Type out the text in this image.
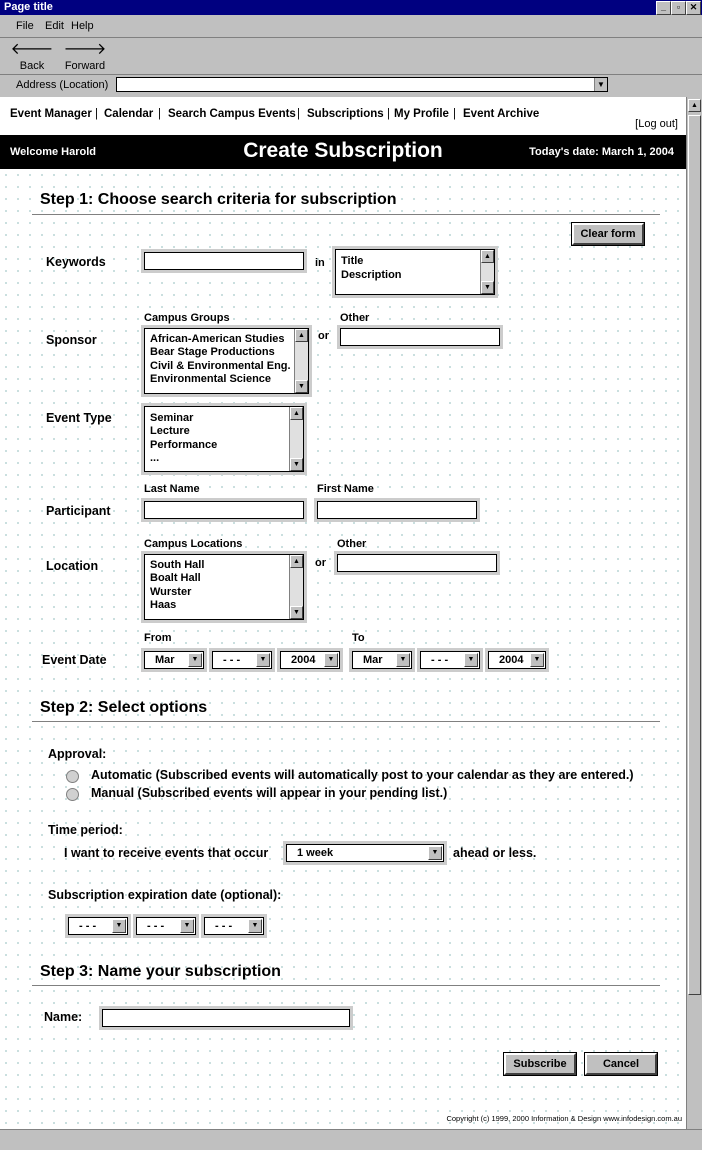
Page title	_	▫	✕
File Edit Help
🡐
Back
🡒
Forward
Address (Location)	▼
Event Manager | Calendar | Search Campus Events | Subscriptions | My Profile | Event Archive
[Log out]
Welcome Harold	Create Subscription	Today's date: March 1, 2004
Step 1: Choose search criteria for subscription
Clear form
Keywords	in Title
Description
▲
▼
Campus Groups	Other
Sponsor	African-American Studies
Bear Stage Productions
Civil & Environmental Eng.
Environmental Science
▲
▼
or
Event Type	Seminar
Lecture
Performance
...
▲
▼
Last Name	First Name
Participant
Campus Locations	Other
Location	South Hall
Boalt Hall
Wurster
Haas
▲
▼
or
From	To
Event Date	Mar	▼	- - -	▼	2004	▼	Mar	▼	- - -	▼	2004	▼
Step 2: Select options
Approval:
Automatic (Subscribed events will automatically post to your calendar as they are entered.)
Manual (Subscribed events will appear in your pending list.)
Time period:
I want to receive events that occur	1 week	▼ ahead or less.
Subscription expiration date (optional):
- - -	▼	- - -	▼	- - -	▼
Step 3: Name your subscription
Name:
Subscribe	Cancel
Copyright (c) 1999, 2000 Information & Design www.infodesign.com.au
▲
